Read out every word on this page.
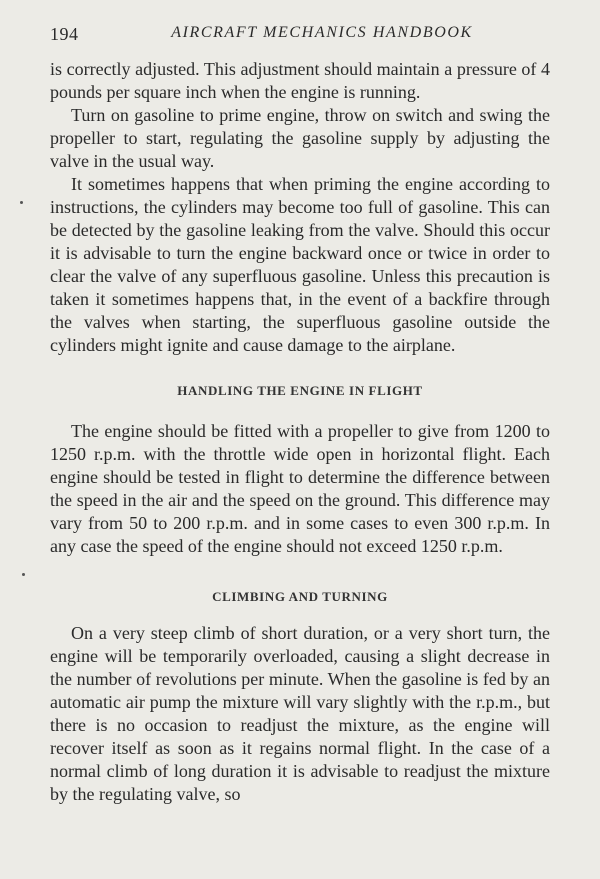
194	AIRCRAFT MECHANICS HANDBOOK

is correctly adjusted. This adjustment should maintain a pressure of 4 pounds per square inch when the engine is running.

Turn on gasoline to prime engine, throw on switch and swing the propeller to start, regulating the gasoline supply by adjusting the valve in the usual way.

It sometimes happens that when priming the engine according to instructions, the cylinders may become too full of gasoline. This can be detected by the gasoline leaking from the valve. Should this occur it is advisable to turn the engine backward once or twice in order to clear the valve of any superfluous gasoline. Unless this precaution is taken it sometimes happens that, in the event of a backfire through the valves when starting, the superfluous gasoline outside the cylinders might ignite and cause damage to the airplane.

HANDLING THE ENGINE IN FLIGHT

The engine should be fitted with a propeller to give from 1200 to 1250 r.p.m. with the throttle wide open in horizontal flight. Each engine should be tested in flight to determine the difference between the speed in the air and the speed on the ground. This difference may vary from 50 to 200 r.p.m. and in some cases to even 300 r.p.m. In any case the speed of the engine should not exceed 1250 r.p.m.

CLIMBING AND TURNING

On a very steep climb of short duration, or a very short turn, the engine will be temporarily overloaded, causing a slight decrease in the number of revolutions per minute. When the gasoline is fed by an automatic air pump the mixture will vary slightly with the r.p.m., but there is no occasion to readjust the mixture, as the engine will recover itself as soon as it regains normal flight. In the case of a normal climb of long duration it is advisable to readjust the mixture by the regulating valve, so
